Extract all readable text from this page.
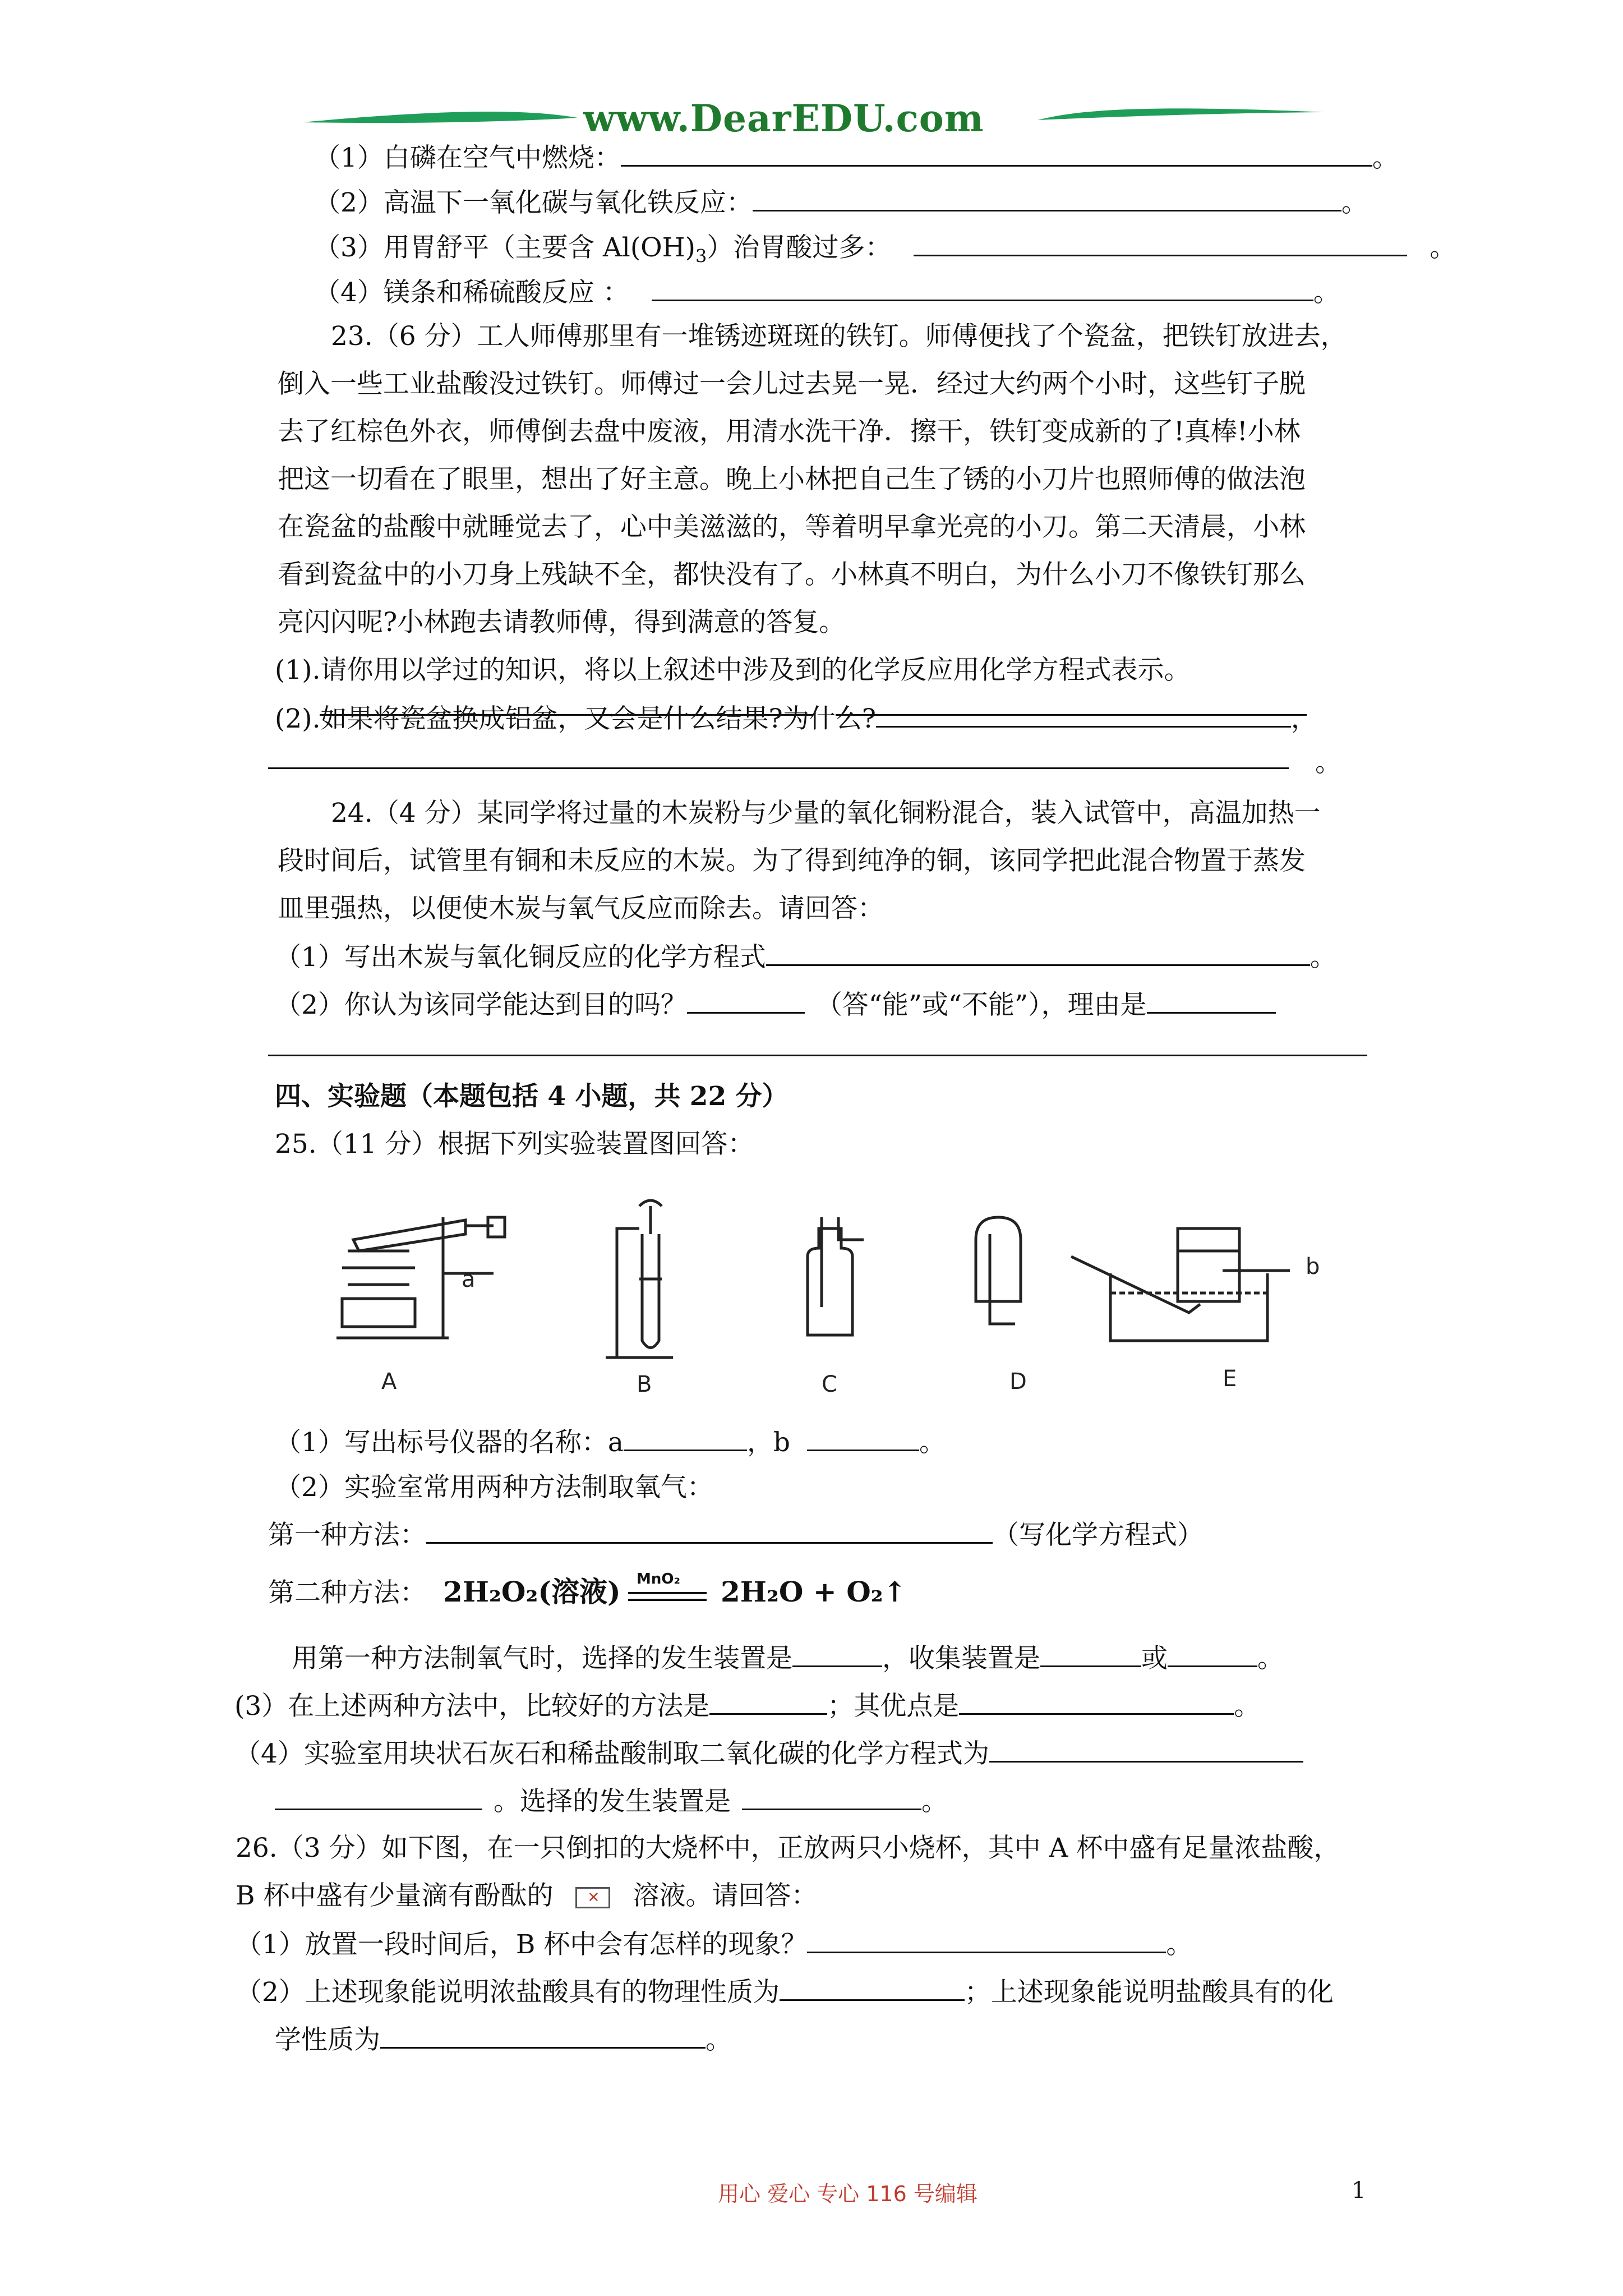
www.DearEDU.com
（1）白磷在空气中燃烧：	。
（2）高温下一氧化碳与氧化铁反应：	。
（3）用胃舒平（主要含 $Al(OH)_3$）治胃酸过多：	。
（4）镁条和稀硫酸反应 ：	。
23.（6 分）工人师傅那里有一堆锈迹斑斑的铁钉。师傅便找了个瓷盆，把铁钉放进去，
倒入一些工业盐酸没过铁钉。师傅过一会儿过去晃一晃．经过大约两个小时，这些钉子脱
去了红棕色外衣，师傅倒去盘中废液，用清水洗干净．擦干，铁钉变成新的了!真棒!小林
把这一切看在了眼里，想出了好主意。晚上小林把自己生了锈的小刀片也照师傅的做法泡
在瓷盆的盐酸中就睡觉去了，心中美滋滋的，等着明早拿光亮的小刀。第二天清晨，小林
看到瓷盆中的小刀身上残缺不全，都快没有了。小林真不明白，为什么小刀不像铁钉那么
亮闪闪呢?小林跑去请教师傅，得到满意的答复。
(1).请你用以学过的知识，将以上叙述中涉及到的化学反应用化学方程式表示。
(2).如果将瓷盆换成铝盆，又会是什么结果?为什么?	，
。
24.（4 分）某同学将过量的木炭粉与少量的氧化铜粉混合，装入试管中，高温加热一
段时间后，试管里有铜和未反应的木炭。为了得到纯净的铜，该同学把此混合物置于蒸发
皿里强热，以便使木炭与氧气反应而除去。请回答：
（1）写出木炭与氧化铜反应的化学方程式	。
（2）你认为该同学能达到目的吗？	（答“能”或“不能”），理由是
四、实验题（本题包括 4 小题，共 22 分）
25.（11 分）根据下列实验装置图回答：
a	b
A	B	C	D	E
（1）写出标号仪器的名称：a	，b	。
（2）实验室常用两种方法制取氧气：
第一种方法：	（写化学方程式）
第二种方法： 2H₂O₂(溶液) MnO₂ 2H₂O + O₂↑
用第一种方法制氧气时，选择的发生装置是	，收集装置是	或	。
(3）在上述两种方法中，比较好的方法是	；其优点是	。
（4）实验室用块状石灰石和稀盐酸制取二氧化碳的化学方程式为
。选择的发生装置是	。
26.（3 分）如下图，在一只倒扣的大烧杯中，正放两只小烧杯，其中 A 杯中盛有足量浓盐酸，
B 杯中盛有少量滴有酚酞的 ✕ 溶液。请回答：
（1）放置一段时间后，B 杯中会有怎样的现象？	。
（2）上述现象能说明浓盐酸具有的物理性质为	；上述现象能说明盐酸具有的化
学性质为	。
用心 爱心 专心 116 号编辑	1
